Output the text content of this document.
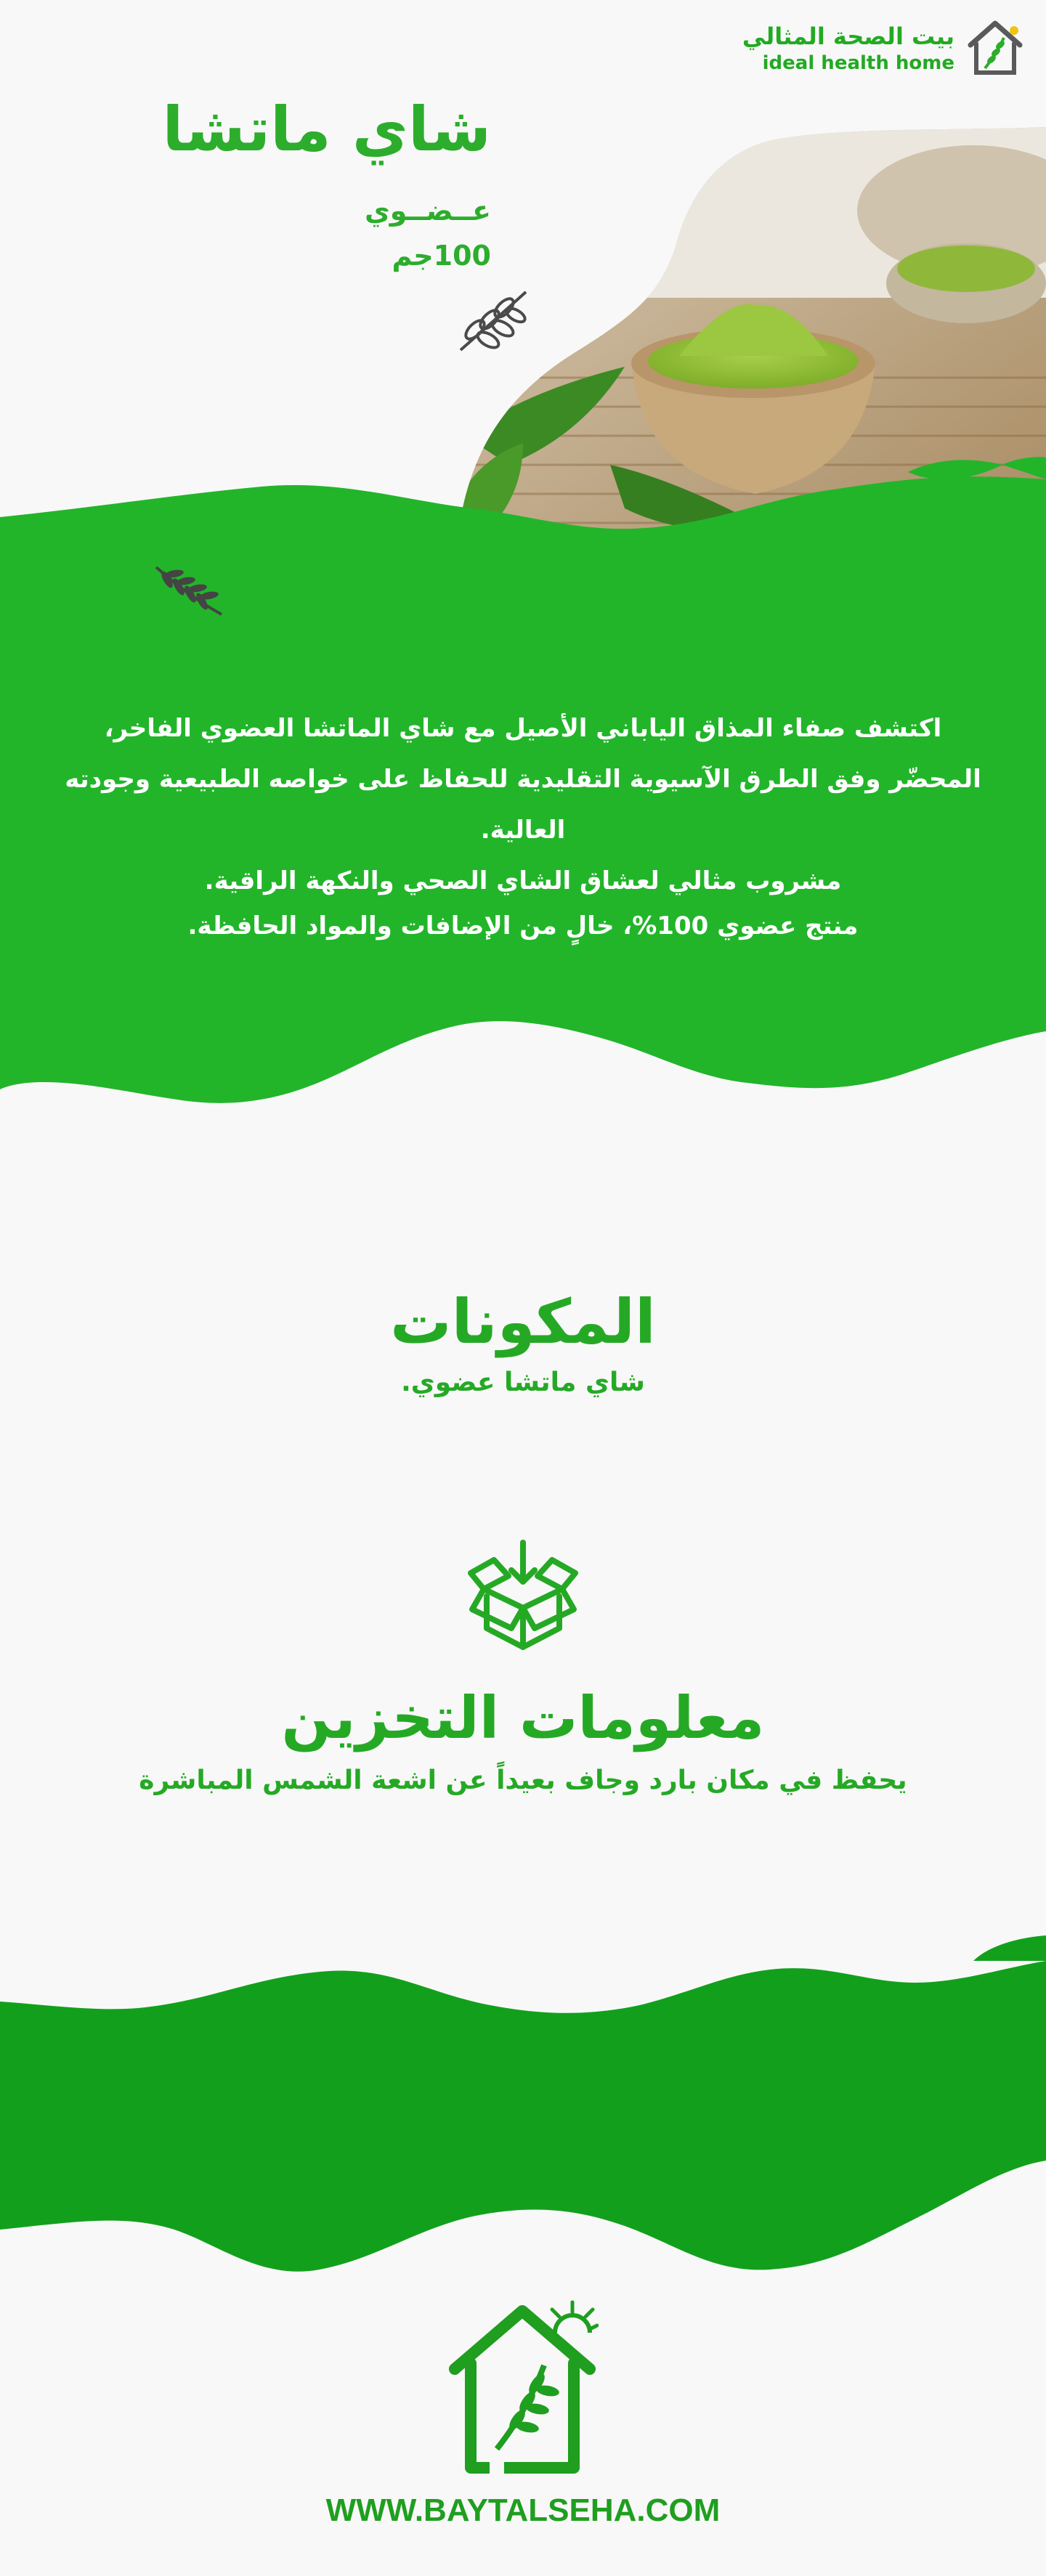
بيت الصحة المثالي
ideal health home
شاي ماتشا
عــضــوي
100جم

اكتشف صفاء المذاق الياباني الأصيل مع شاي الماتشا العضوي الفاخر،

المحضّر وفق الطرق الآسيوية التقليدية للحفاظ على خواصه الطبيعية وجودته العالية.

مشروب مثالي لعشاق الشاي الصحي والنكهة الراقية.

منتج عضوي 100%، خالٍ من الإضافات والمواد الحافظة.

المكونات
شاي ماتشا عضوي.
معلومات التخزين
يحفظ في مكان بارد وجاف بعيداً عن اشعة الشمس المباشرة
WWW.BAYTALSEHA.COM
